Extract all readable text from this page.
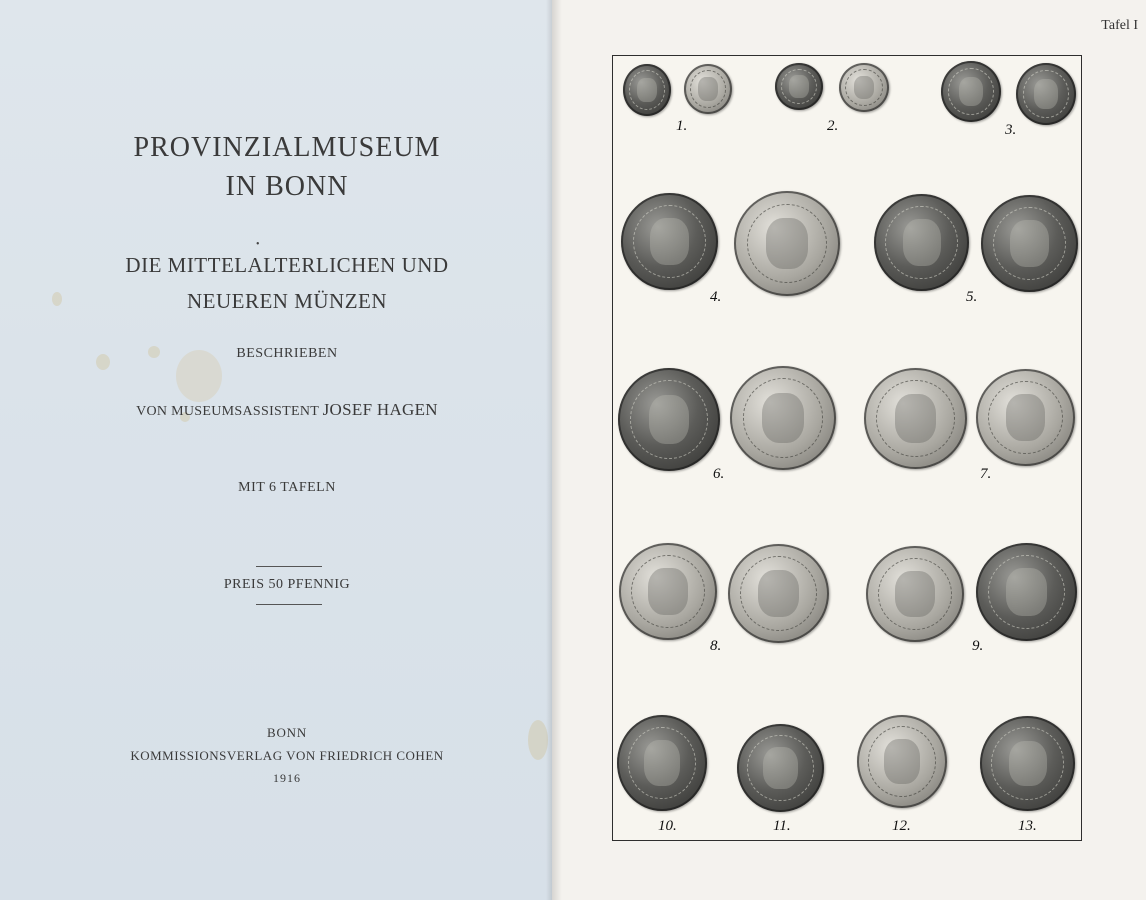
PROVINZIALMUSEUM
IN BONN
•
DIE MITTELALTERLICHEN UND
NEUEREN MÜNZEN
BESCHRIEBEN
VON MUSEUMSASSISTENT JOSEF HAGEN
MIT 6 TAFELN
PREIS 50 PFENNIG
BONN
KOMMISSIONSVERLAG VON FRIEDRICH COHEN
1916
Tafel I
1.	2.	3.
4.	5.
6.	7.
8.	9.
10.	11.	12.	13.
